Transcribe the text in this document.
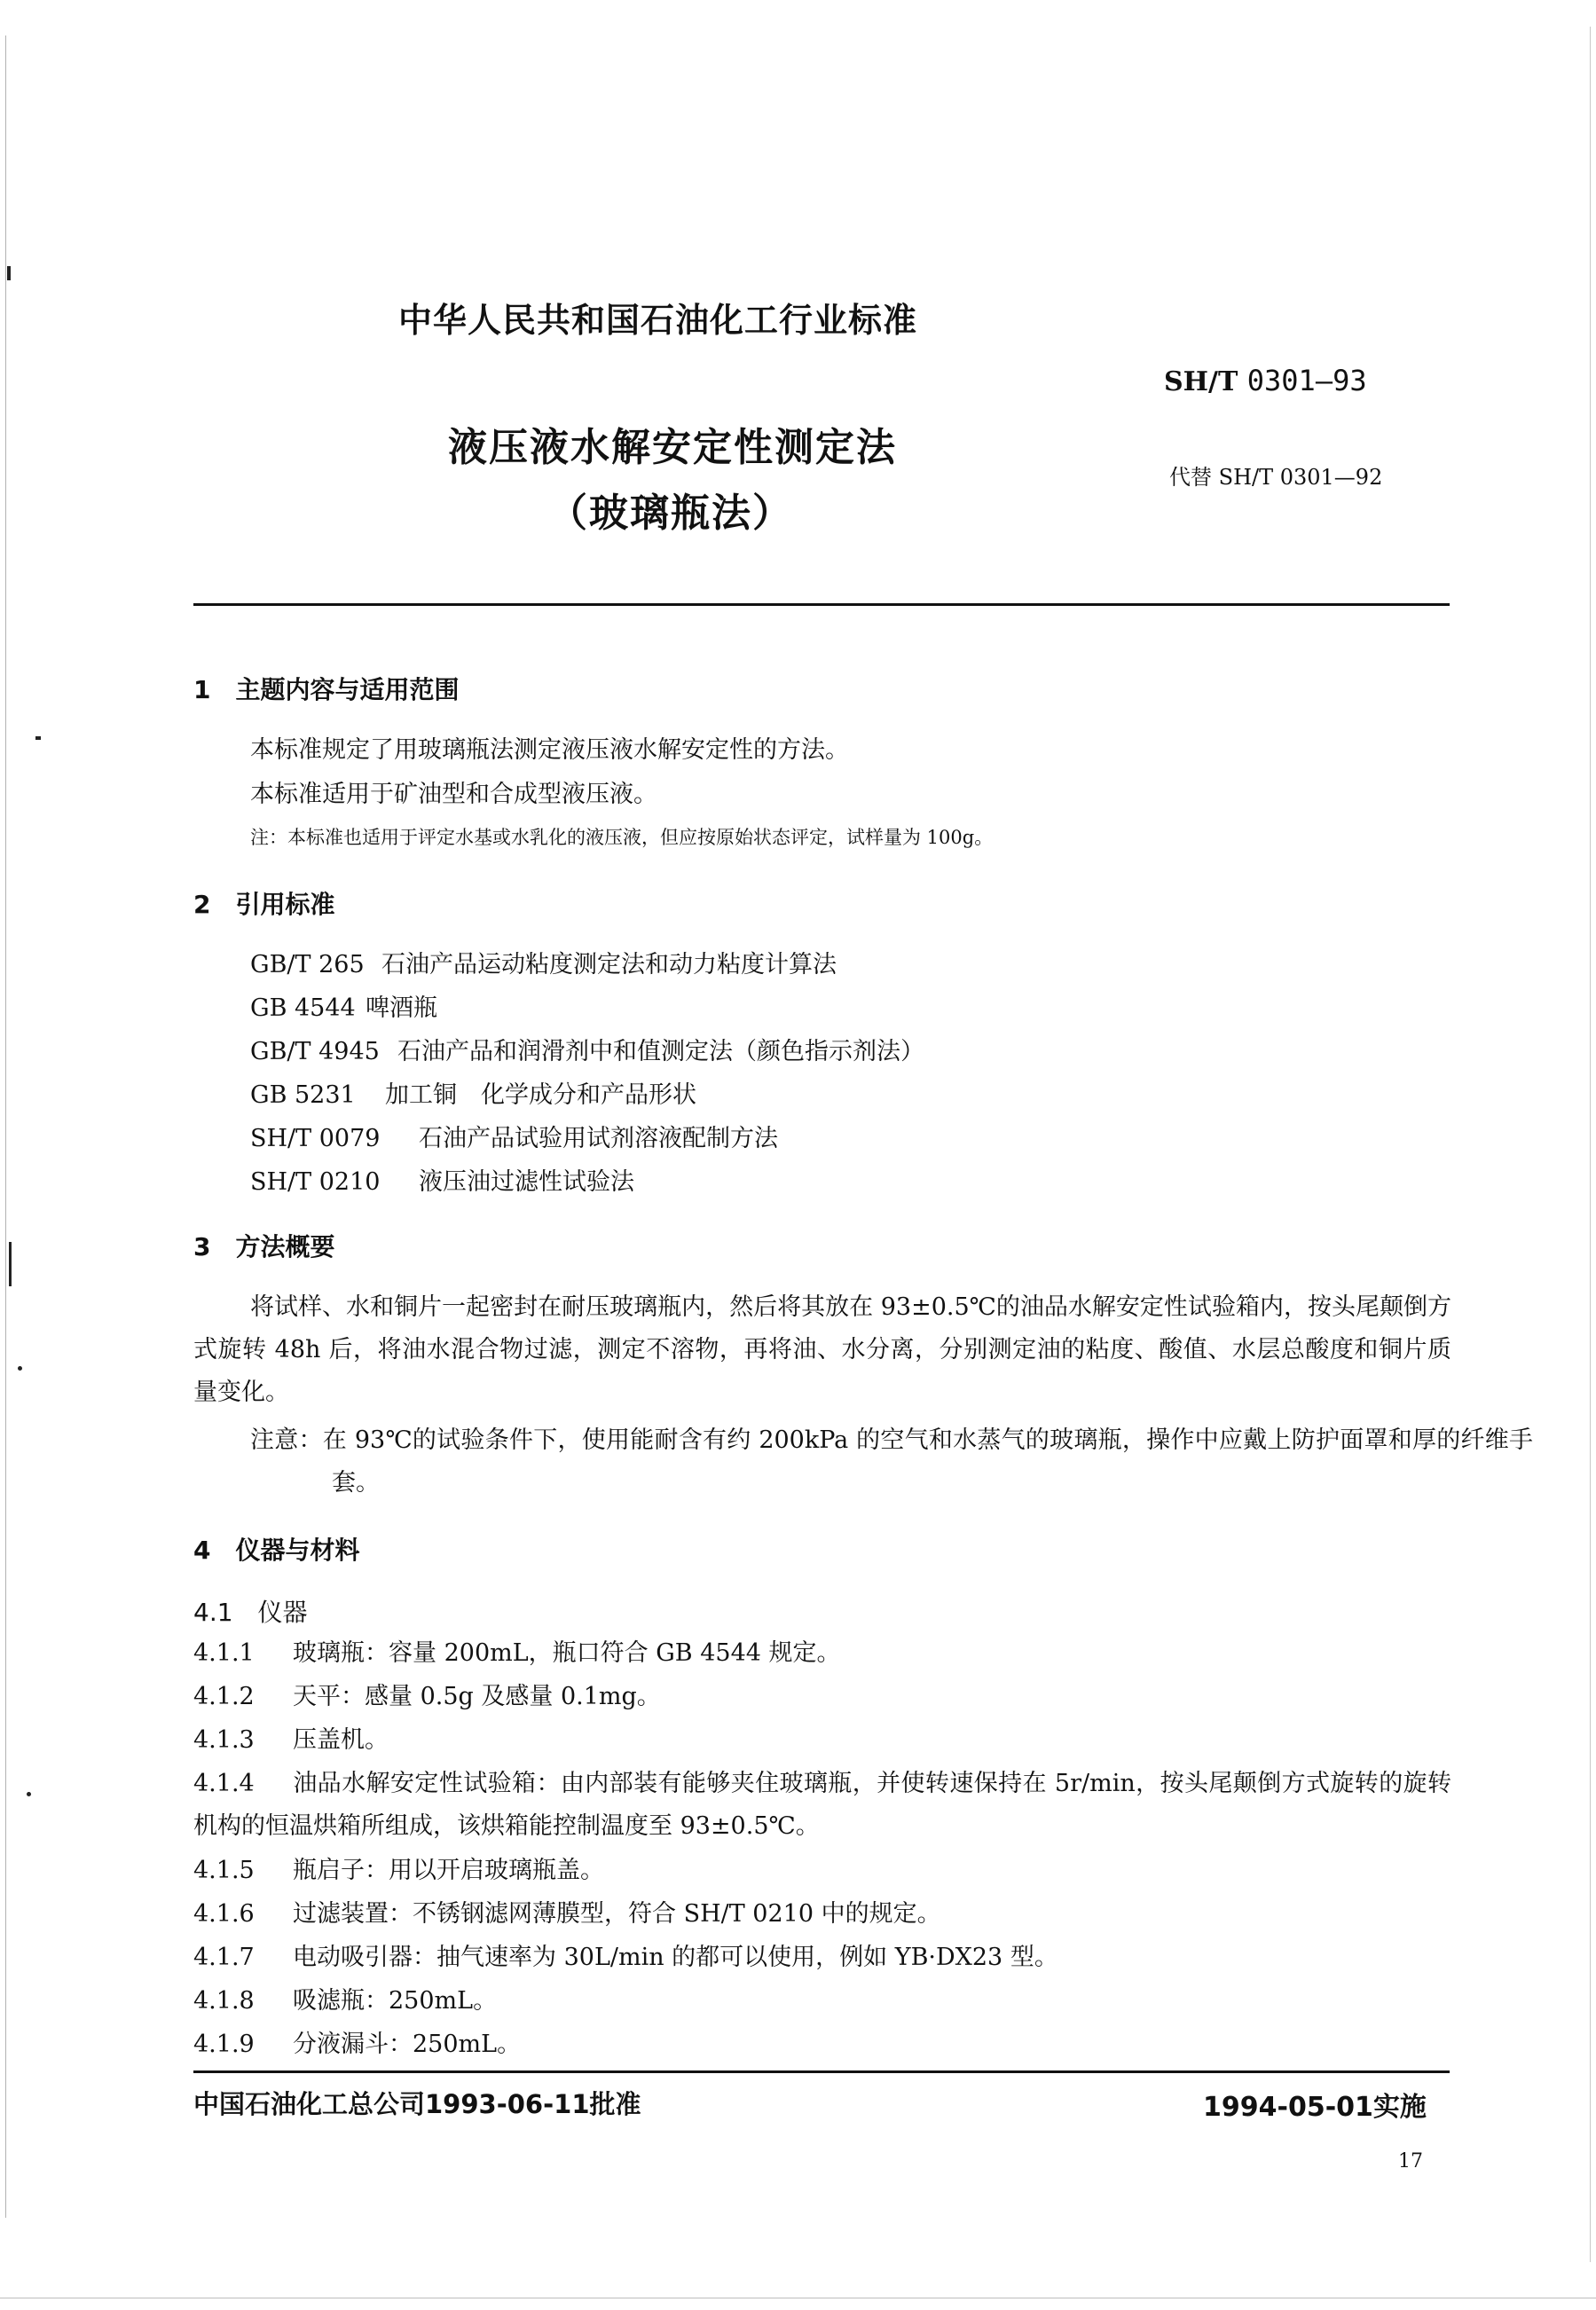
中华人民共和国石油化工行业标准
SH/T 0301—93
液压液水解安定性测定法
（玻璃瓶法）
代替 SH/T 0301—92
1　主题内容与适用范围
本标准规定了用玻璃瓶法测定液压液水解安定性的方法。
本标准适用于矿油型和合成型液压液。
注：本标准也适用于评定水基或水乳化的液压液，但应按原始状态评定，试样量为 100g。
2　引用标准
GB/T 265 石油产品运动粘度测定法和动力粘度计算法
GB 4544 啤酒瓶
GB/T 4945 石油产品和润滑剂中和值测定法（颜色指示剂法）
GB 5231 加工铜　化学成分和产品形状
SH/T 0079 石油产品试验用试剂溶液配制方法
SH/T 0210 液压油过滤性试验法
3　方法概要
将试样、水和铜片一起密封在耐压玻璃瓶内，然后将其放在 93±0.5℃的油品水解安定性试验箱内，按头尾颠倒方式旋转 48h 后，将油水混合物过滤，测定不溶物，再将油、水分离，分别测定油的粘度、酸值、水层总酸度和铜片质量变化。
注意：在 93℃的试验条件下，使用能耐含有约 200kPa 的空气和水蒸气的玻璃瓶，操作中应戴上防护面罩和厚的纤维手套。
4　仪器与材料
4.1　仪器
4.1.1 玻璃瓶：容量 200mL，瓶口符合 GB 4544 规定。
4.1.2 天平：感量 0.5g 及感量 0.1mg。
4.1.3 压盖机。
4.1.4 油品水解安定性试验箱：由内部装有能够夹住玻璃瓶，并使转速保持在 5r/min，按头尾颠倒方式旋转的旋转机构的恒温烘箱所组成，该烘箱能控制温度至 93±0.5℃。
4.1.5 瓶启子：用以开启玻璃瓶盖。
4.1.6 过滤装置：不锈钢滤网薄膜型，符合 SH/T 0210 中的规定。
4.1.7 电动吸引器：抽气速率为 30L/min 的都可以使用，例如 YB·DX23 型。
4.1.8 吸滤瓶：250mL。
4.1.9 分液漏斗：250mL。
中国石油化工总公司1993-06-11批准	1994-05-01实施
17
